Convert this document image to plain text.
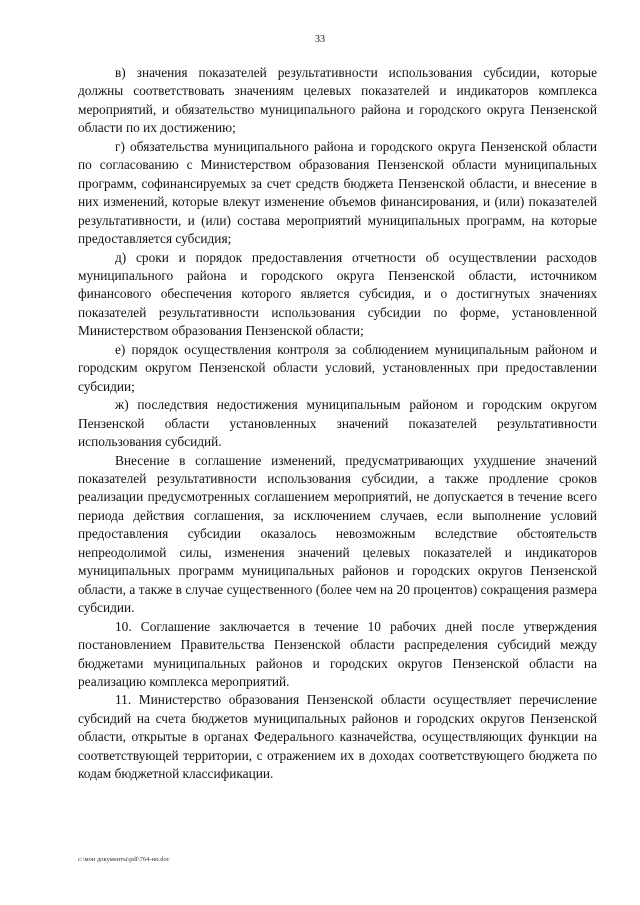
33

в) значения показателей результативности использования субсидии, которые должны соответствовать значениям целевых показателей и индикаторов комплекса мероприятий, и обязательство муниципального района и городского округа Пензенской области по их достижению;

г) обязательства муниципального района и городского округа Пензенской области по согласованию с Министерством образования Пензенской области муниципальных программ, софинансируемых за счет средств бюджета Пензенской области, и внесение в них изменений, которые влекут изменение объемов финансирования, и (или) показателей результативности, и (или) состава мероприятий муниципальных программ, на которые предоставляется субсидия;

д) сроки и порядок предоставления отчетности об осуществлении расходов муниципального района и городского округа Пензенской области, источником финансового обеспечения которого является субсидия, и о достигнутых значениях показателей результативности использования субсидии по форме, установленной Министерством образования Пензенской области;

е) порядок осуществления контроля за соблюдением муниципальным районом и городским округом Пензенской области условий, установленных при предоставлении субсидии;

ж) последствия недостижения муниципальным районом и городским округом Пензенской области установленных значений показателей результативности использования субсидий.

Внесение в соглашение изменений, предусматривающих ухудшение значений показателей результативности использования субсидии, а также продление сроков реализации предусмотренных соглашением мероприятий, не допускается в течение всего периода действия соглашения, за исключением случаев, если выполнение условий предоставления субсидии оказалось невозможным вследствие обстоятельств непреодолимой силы, изменения значений целевых показателей и индикаторов муниципальных программ муниципальных районов и городских округов Пензенской области, а также в случае существенного (более чем на 20 процентов) сокращения размера субсидии.

10. Соглашение заключается в течение 10 рабочих дней после утверждения постановлением Правительства Пензенской области распределения субсидий между бюджетами муниципальных районов и городских округов Пензенской области на реализацию комплекса мероприятий.

11. Министерство образования Пензенской области осуществляет перечисление субсидий на счета бюджетов муниципальных районов и городских округов Пензенской области, открытые в органах Федерального казначейства, осуществляющих функции на соответствующей территории, с отражением их в доходах соответствующего бюджета по кодам бюджетной классификации.

c:\мои документы\pdf\764-ип.doc
